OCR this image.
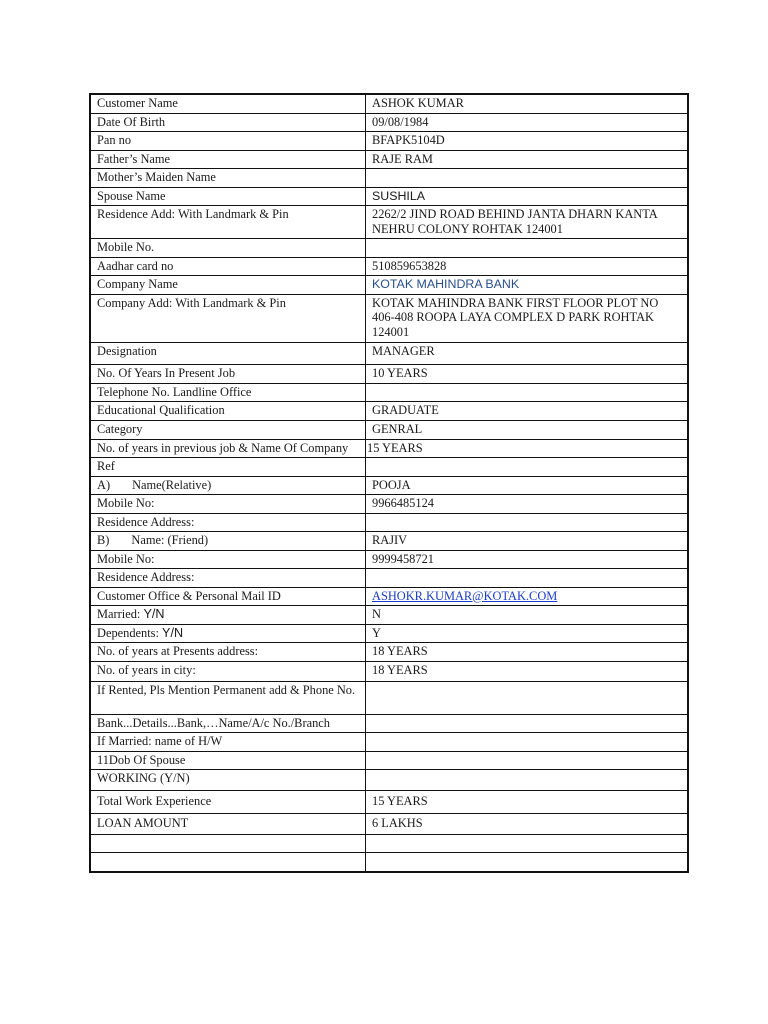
Customer Name	ASHOK KUMAR
Date Of Birth	09/08/1984
Pan no	BFAPK5104D
Father’s Name	RAJE RAM
Mother’s Maiden Name	
Spouse Name	SUSHILA
Residence Add: With Landmark & Pin	2262/2 JIND ROAD BEHIND JANTA DHARN KANTA NEHRU COLONY ROHTAK 124001
Mobile No.	
Aadhar card no	510859653828
Company Name	KOTAK MAHINDRA BANK
Company Add: With Landmark & Pin	KOTAK MAHINDRA BANK FIRST FLOOR PLOT NO 406-408 ROOPA LAYA COMPLEX D PARK ROHTAK 124001
Designation	MANAGER
No. Of Years In Present Job	10 YEARS
Telephone No. Landline Office	
Educational Qualification	GRADUATE
Category	GENRAL
No. of years in previous job & Name Of Company	15 YEARS
Ref	
A) Name(Relative)	POOJA
Mobile No:	9966485124
Residence Address:	
B) Name: (Friend)	RAJIV
Mobile No:	9999458721
Residence Address:	
Customer Office & Personal Mail ID	ASHOKR.KUMAR@KOTAK.COM
Married: Y/N	N
Dependents: Y/N	Y
No. of years at Presents address:	18 YEARS
No. of years in city:	18 YEARS
If Rented, Pls Mention Permanent add & Phone No.	
Bank...Details...Bank,…Name/A/c No./Branch	
If Married: name of H/W	
11Dob Of Spouse	
WORKING (Y/N)	
Total Work Experience	15 YEARS
LOAN AMOUNT	6 LAKHS
